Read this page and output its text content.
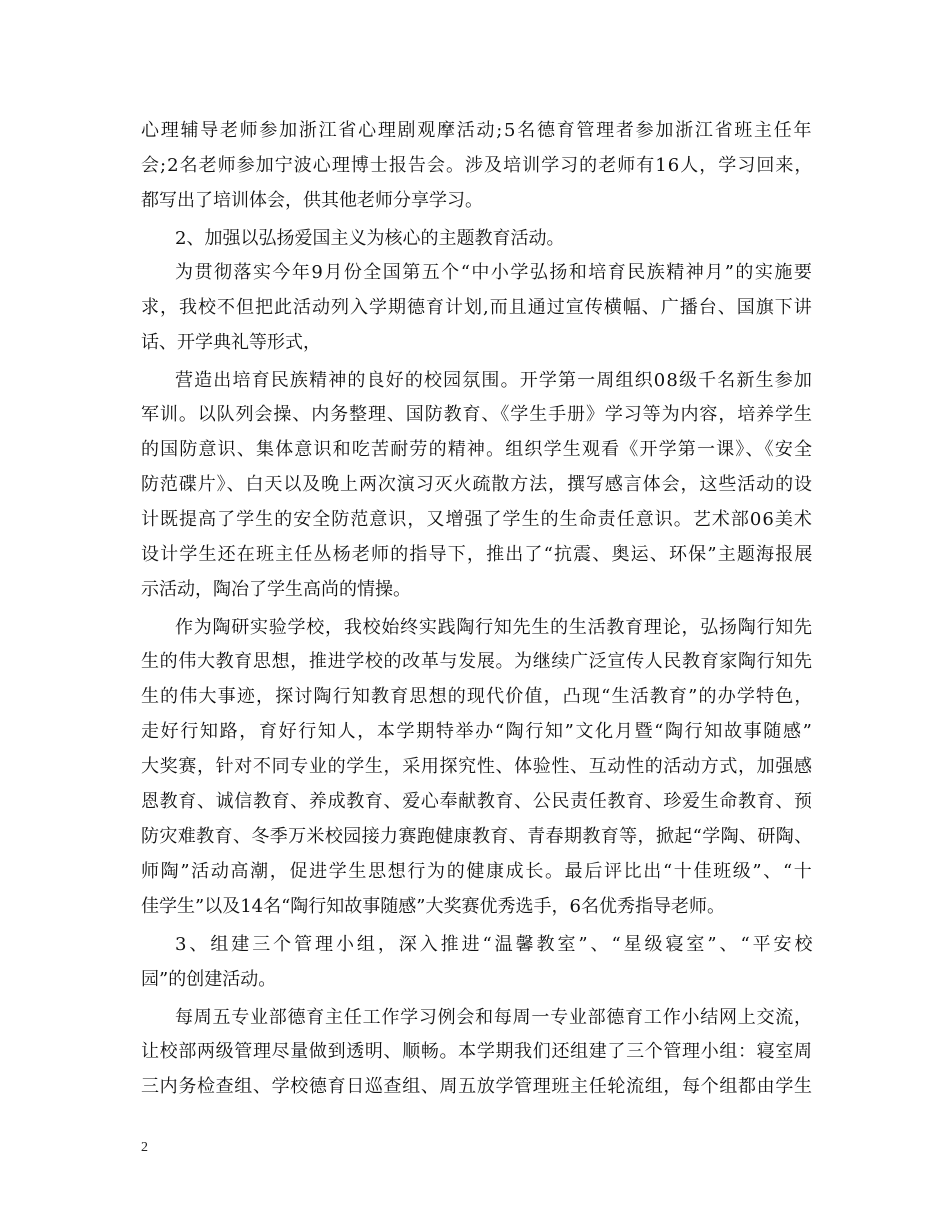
心理辅导老师参加浙江省心理剧观摩活动;5名德育管理者参加浙江省班主任年
会;2名老师参加宁波心理博士报告会。涉及培训学习的老师有16人，学习回来，
都写出了培训体会，供其他老师分享学习。
2、加强以弘扬爱国主义为核心的主题教育活动。
为贯彻落实今年9月份全国第五个“中小学弘扬和培育民族精神月”的实施要
求，我校不但把此活动列入学期德育计划,而且通过宣传横幅、广播台、国旗下讲
话、开学典礼等形式，
营造出培育民族精神的良好的校园氛围。开学第一周组织08级千名新生参加
军训。以队列会操、内务整理、国防教育、《学生手册》学习等为内容，培养学生
的国防意识、集体意识和吃苦耐劳的精神。组织学生观看《开学第一课》、《安全
防范碟片》、白天以及晚上两次演习灭火疏散方法，撰写感言体会，这些活动的设
计既提高了学生的安全防范意识，又增强了学生的生命责任意识。艺术部06美术
设计学生还在班主任丛杨老师的指导下，推出了“抗震、奥运、环保”主题海报展
示活动，陶冶了学生高尚的情操。
作为陶研实验学校，我校始终实践陶行知先生的生活教育理论，弘扬陶行知先
生的伟大教育思想，推进学校的改革与发展。为继续广泛宣传人民教育家陶行知先
生的伟大事迹，探讨陶行知教育思想的现代价值，凸现“生活教育”的办学特色，
走好行知路，育好行知人，本学期特举办“陶行知”文化月暨“陶行知故事随感”
大奖赛，针对不同专业的学生，采用探究性、体验性、互动性的活动方式，加强感
恩教育、诚信教育、养成教育、爱心奉献教育、公民责任教育、珍爱生命教育、预
防灾难教育、冬季万米校园接力赛跑健康教育、青春期教育等，掀起“学陶、研陶、
师陶”活动高潮，促进学生思想行为的健康成长。最后评比出“十佳班级”、“十
佳学生”以及14名“陶行知故事随感”大奖赛优秀选手，6名优秀指导老师。
3、组建三个管理小组，深入推进“温馨教室”、“星级寝室”、“平安校
园”的创建活动。
每周五专业部德育主任工作学习例会和每周一专业部德育工作小结网上交流，
让校部两级管理尽量做到透明、顺畅。本学期我们还组建了三个管理小组：寝室周
三内务检查组、学校德育日巡查组、周五放学管理班主任轮流组，每个组都由学生
2
